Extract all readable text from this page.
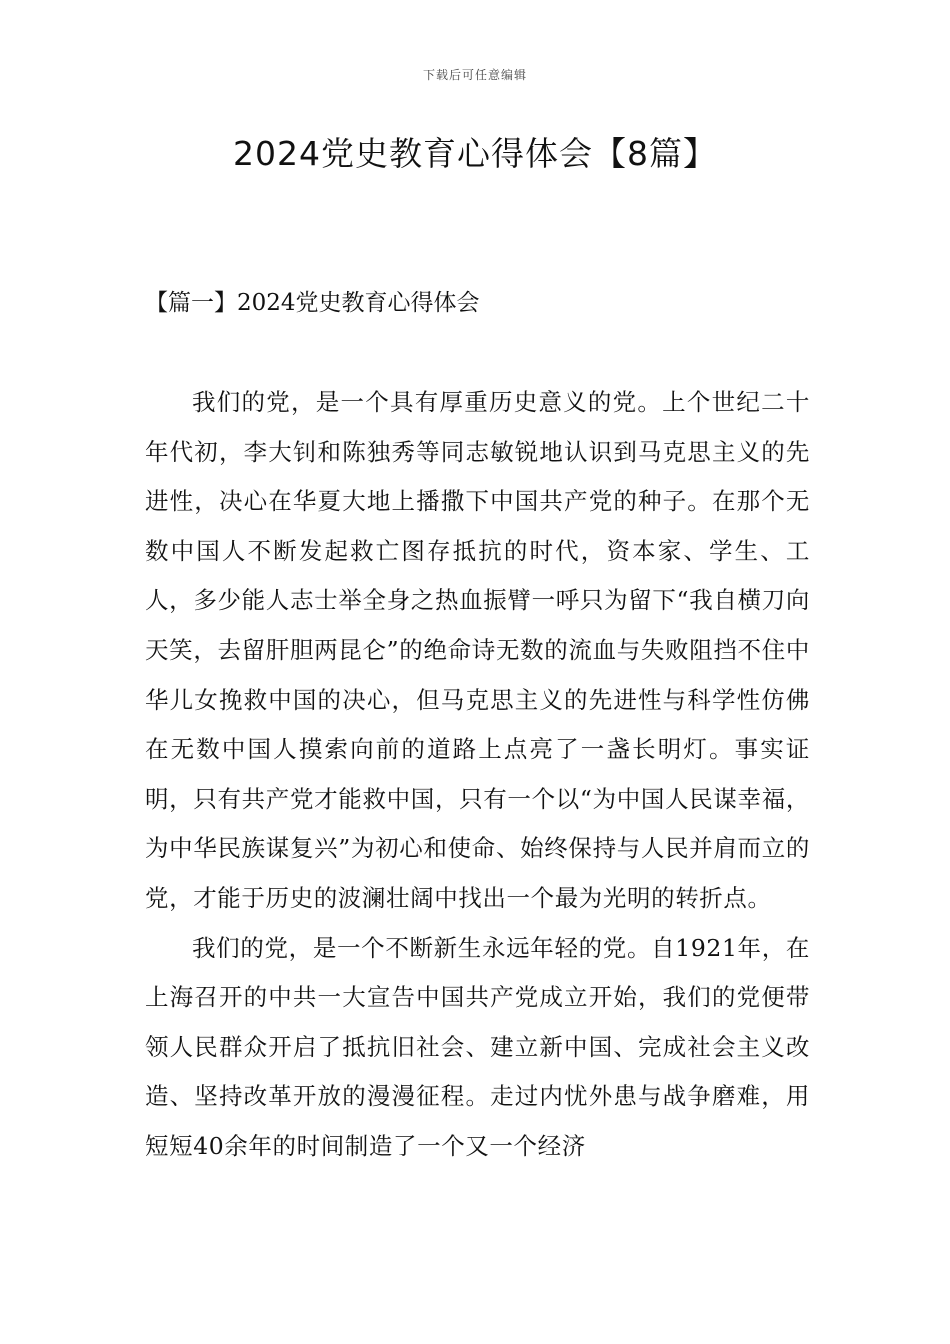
下载后可任意编辑
2024党史教育心得体会【8篇】
【篇一】2024党史教育心得体会

我们的党，是一个具有厚重历史意义的党。上个世纪二十年代初，李大钊和陈独秀等同志敏锐地认识到马克思主义的先进性，决心在华夏大地上播撒下中国共产党的种子。在那个无数中国人不断发起救亡图存抵抗的时代，资本家、学生、工人，多少能人志士举全身之热血振臂一呼只为留下“我自横刀向天笑，去留肝胆两昆仑”的绝命诗无数的流血与失败阻挡不住中华儿女挽救中国的决心，但马克思主义的先进性与科学性仿佛在无数中国人摸索向前的道路上点亮了一盏长明灯。事实证明，只有共产党才能救中国，只有一个以“为中国人民谋幸福，为中华民族谋复兴”为初心和使命、始终保持与人民并肩而立的党，才能于历史的波澜壮阔中找出一个最为光明的转折点。

我们的党，是一个不断新生永远年轻的党。自1921年，在上海召开的中共一大宣告中国共产党成立开始，我们的党便带领人民群众开启了抵抗旧社会、建立新中国、完成社会主义改造、坚持改革开放的漫漫征程。走过内忧外患与战争磨难，用短短40余年的时间制造了一个又一个经济
